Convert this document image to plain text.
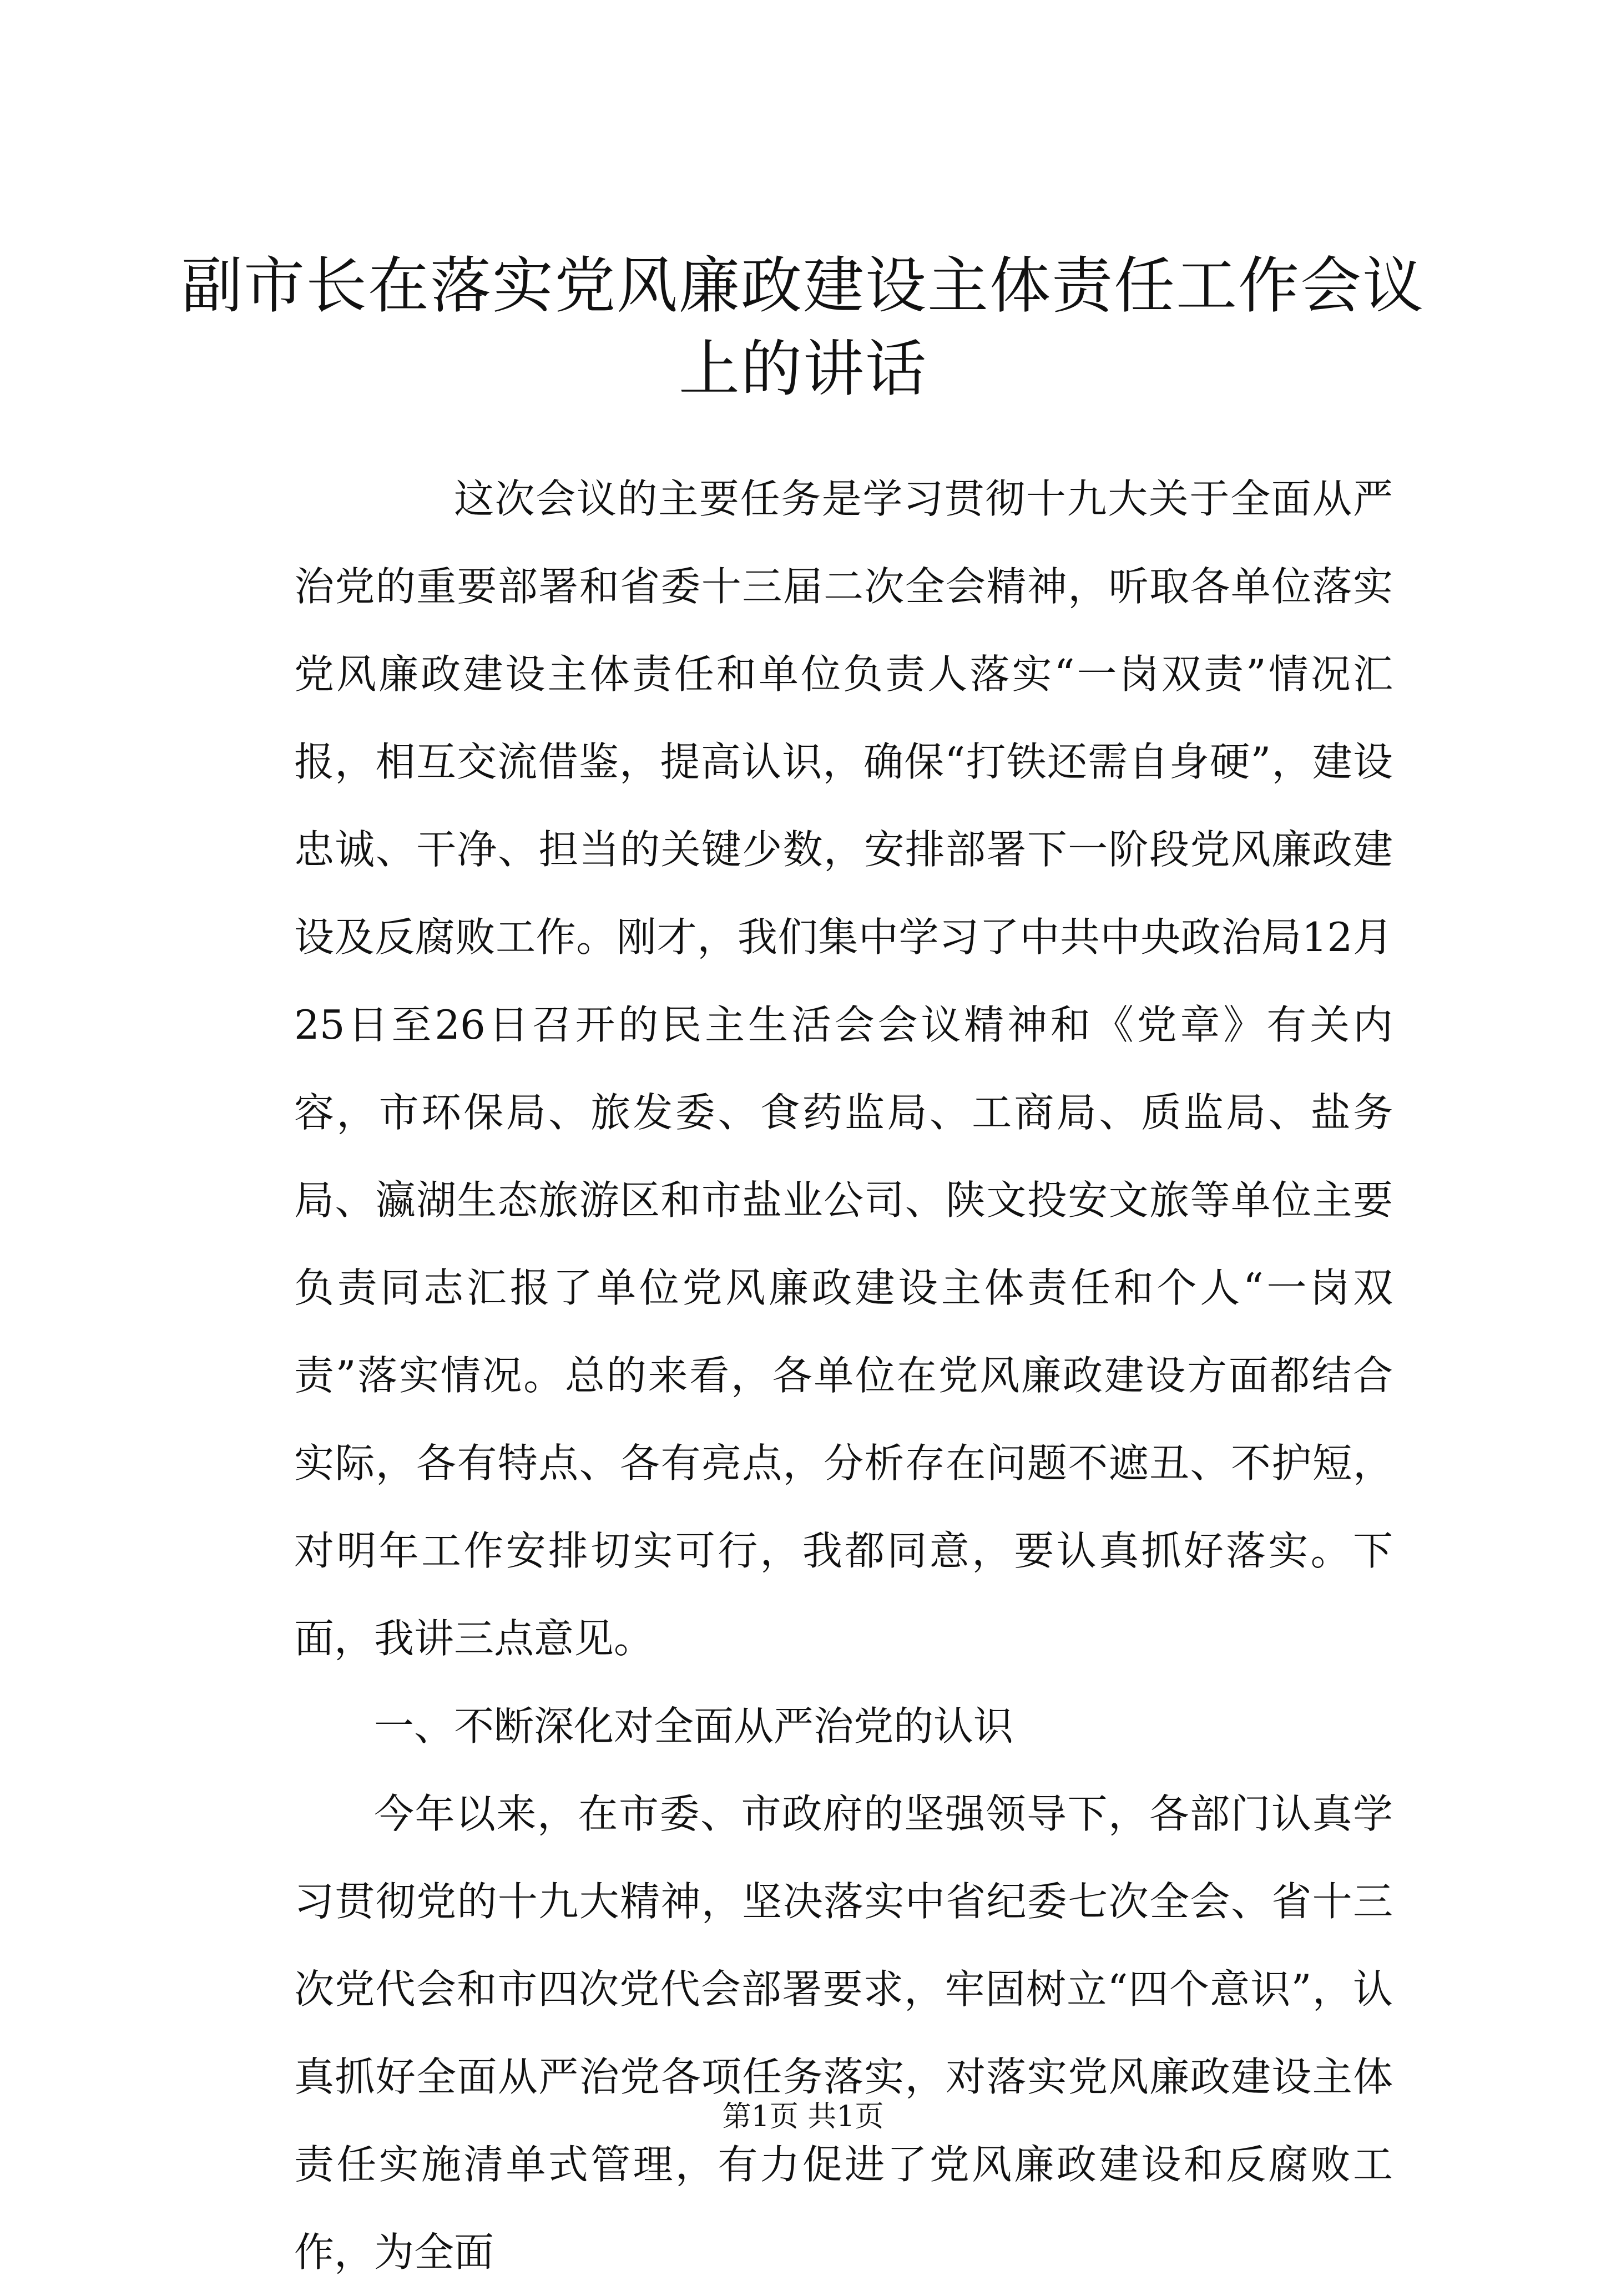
副市长在落实党风廉政建设主体责任工作会议上的讲话

这次会议的主要任务是学习贯彻十九大关于全面从严治党的重要部署和省委十三届二次全会精神，听取各单位落实党风廉政建设主体责任和单位负责人落实“一岗双责”情况汇报，相互交流借鉴，提高认识，确保“打铁还需自身硬”，建设忠诚、干净、担当的关键少数，安排部署下一阶段党风廉政建设及反腐败工作。刚才，我们集中学习了中共中央政治局12月25日至26日召开的民主生活会会议精神和《党章》有关内容，市环保局、旅发委、食药监局、工商局、质监局、盐务局、瀛湖生态旅游区和市盐业公司、陕文投安文旅等单位主要负责同志汇报了单位党风廉政建设主体责任和个人“一岗双责”落实情况。总的来看，各单位在党风廉政建设方面都结合实际，各有特点、各有亮点，分析存在问题不遮丑、不护短，对明年工作安排切实可行，我都同意，要认真抓好落实。下面，我讲三点意见。

一、不断深化对全面从严治党的认识

今年以来，在市委、市政府的坚强领导下，各部门认真学习贯彻党的十九大精神，坚决落实中省纪委七次全会、省十三次党代会和市四次党代会部署要求，牢固树立“四个意识”，认真抓好全面从严治党各项任务落实，对落实党风廉政建设主体责任实施清单式管理，有力促进了党风廉政建设和反腐败工作，为全面

第1页 共1页
